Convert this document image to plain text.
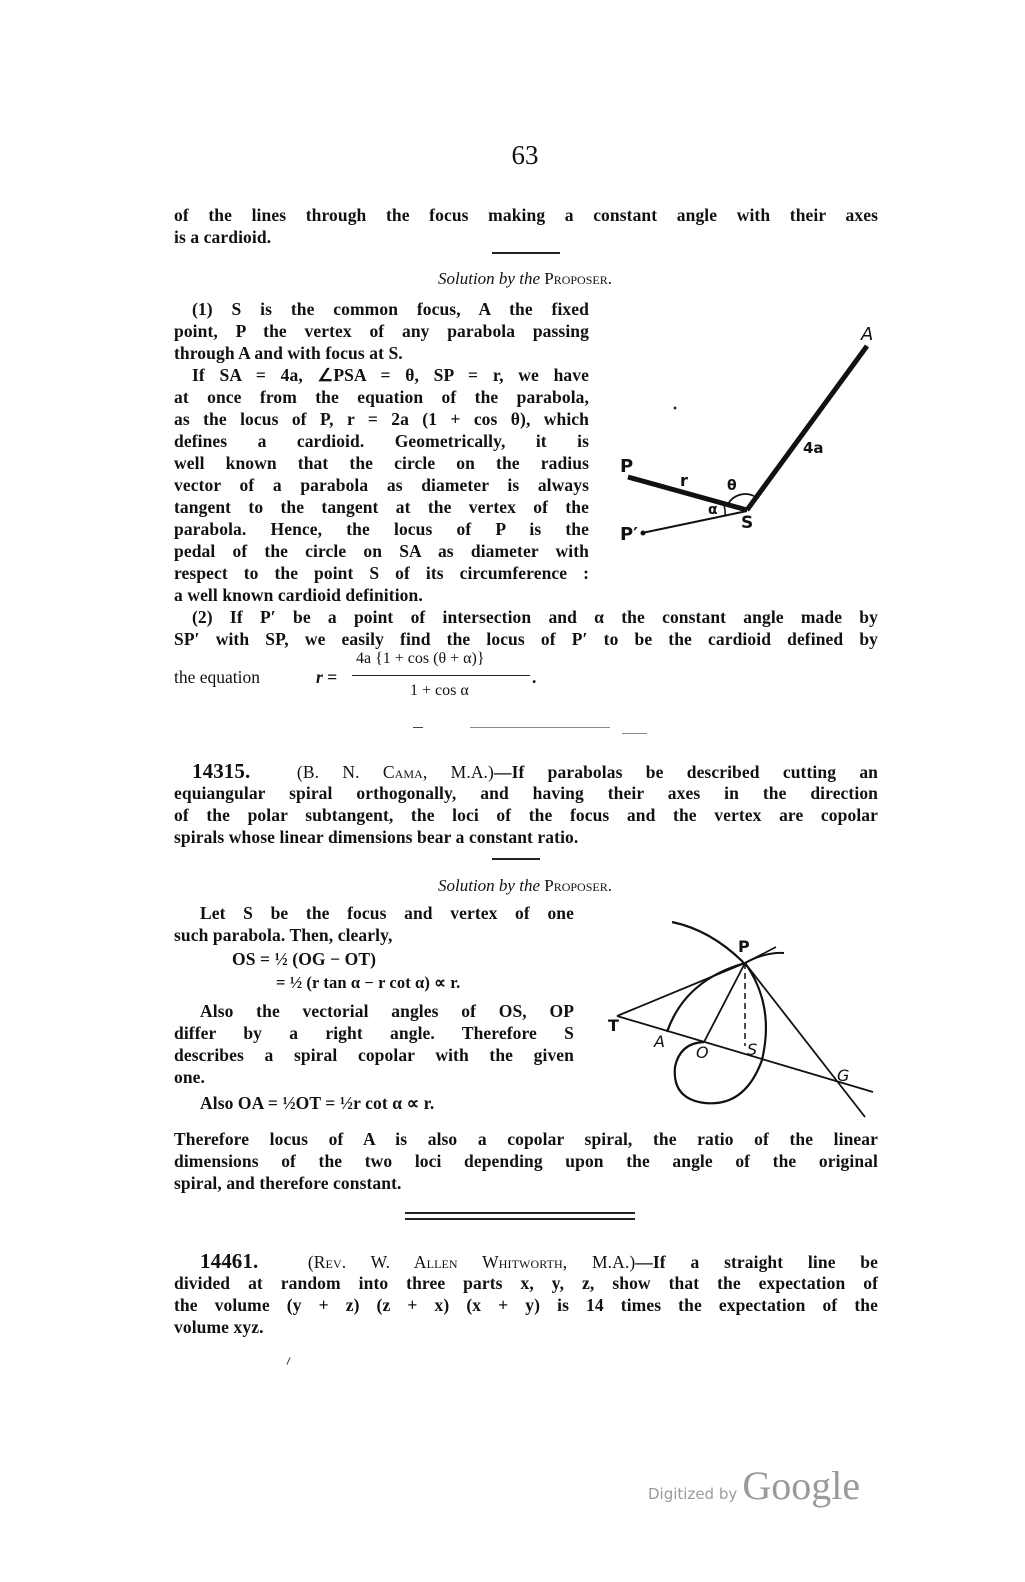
63
of the lines through the focus making a constant angle with their axes
is a cardioid.
Solution by the Proposer.
(1) S is the common focus, A the fixed
point, P the vertex of any parabola passing
through A and with focus at S.
If SA = 4a, ∠PSA = θ, SP = r, we have
at once from the equation of the parabola,
as the locus of P, r = 2a (1 + cos θ), which
defines a cardioid. Geometrically, it is
well known that the circle on the radius
vector of a parabola as diameter is always
tangent to the tangent at the vertex of the
parabola. Hence, the locus of P is the
pedal of the circle on SA as diameter with
respect to the point S of its circumference :
a well known cardioid definition.
A
P
P′
S
r	θ
α
4a
(2) If P′ be a point of intersection and α the constant angle made by
SP′ with SP, we easily find the locus of P′ to be the cardioid defined by
the equation	r =
4a {1 + cos (θ + α)}
1 + cos α
.
14315.	(B. N. Cama, M.A.)—If parabolas be described cutting an
equiangular spiral orthogonally, and having their axes in the direction
of the polar subtangent, the loci of the focus and the vertex are copolar
spirals whose linear dimensions bear a constant ratio.
Solution by the Proposer.
Let S be the focus and vertex of one
such parabola. Then, clearly,
OS = ½ (OG − OT)
= ½ (r tan α − r cot α) ∝ r.
Also the vectorial angles of OS, OP
differ by a right angle. Therefore S
describes a spiral copolar with the given
one.
Also OA = ½OT = ½r cot α ∝ r.
P
T
A
O S
G
Therefore locus of A is also a copolar spiral, the ratio of the linear
dimensions of the two loci depending upon the angle of the original
spiral, and therefore constant.
14461.	(Rev. W. Allen Whitworth, M.A.)—If a straight line be
divided at random into three parts x, y, z, show that the expectation of
the volume (y + z) (z + x) (x + y) is 14 times the expectation of the
volume xyz.
Digitized by Google
